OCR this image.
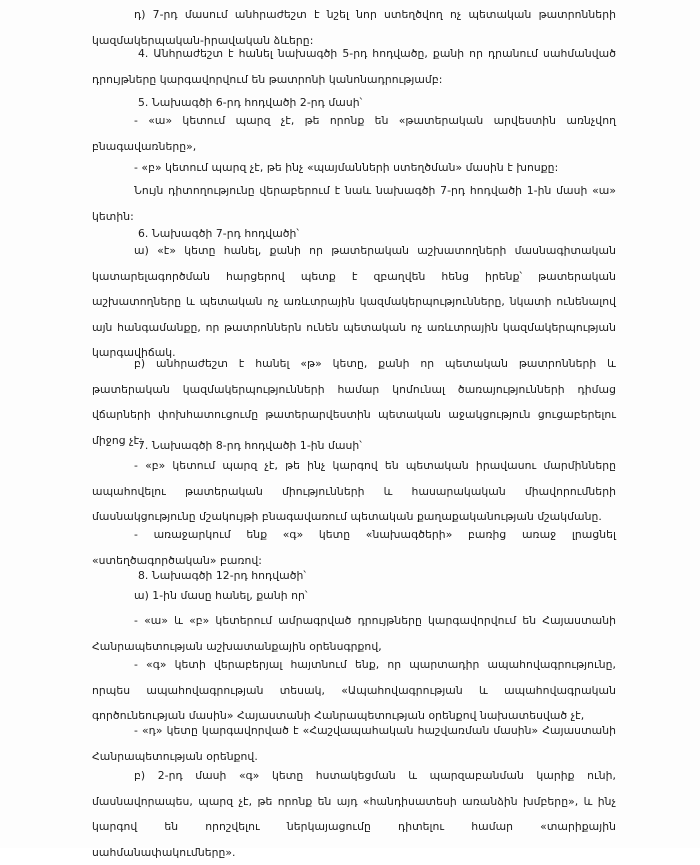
դ) 7-րդ մասում անհրաժեշտ է նշել նոր ստեղծվող ոչ պետական թատրոնների կազմակերպական-իրավական ձևերը:

4. Անհրաժեշտ է հանել նախագծի 5-րդ հոդվածը, քանի որ դրանում սահմանված դրույթները կարգավորվում են թատրոնի կանոնադրությամբ:

5. Նախագծի 6-րդ հոդվածի 2-րդ մասի՝

- «ա» կետում պարզ չէ, թե որոնք են «թատերական արվեստին առնչվող բնագավառները»,

- «բ» կետում պարզ չէ, թե ինչ «պայմանների ստեղծման» մասին է խոսքը:

Նույն դիտողությունը վերաբերում է նաև նախագծի 7-րդ հոդվածի 1-ին մասի «ա» կետին:

6. Նախագծի 7-րդ հոդվածի՝

ա) «է» կետը հանել, քանի որ թատերական աշխատողների մասնագիտական կատարելագործման հարցերով պետք է զբաղվեն հենց իրենք՝ թատերական աշխատողները և պետական ոչ առևտրային կազմակերպությունները, նկատի ունենալով այն հանգամանքը, որ թատրոններն ունեն պետական ոչ առևտրային կազմակերպության կարգավիճակ.

բ) անհրաժեշտ է հանել «թ» կետը, քանի որ պետական թատրոնների և թատերական կազմակերպությունների համար կոմունալ ծառայությունների դիմաց վճարների փոխհատուցումը թատերարվեստին պետական աջակցություն ցուցաբերելու միջոց չէ:

7. Նախագծի 8-րդ հոդվածի 1-ին մասի՝

- «բ» կետում պարզ չէ, թե ինչ կարգով են պետական իրավասու մարմինները ապահովելու թատերական միությունների և հասարակական միավորումների մասնակցությունը մշակույթի բնագավառում պետական քաղաքականության մշակմանը.

- առաջարկում ենք «գ» կետը «նախագծերի» բառից առաջ լրացնել «ստեղծագործական» բառով:

8. Նախագծի 12-րդ հոդվածի՝

ա) 1-ին մասը հանել, քանի որ՝

- «ա» և «բ» կետերում ամրագրված դրույթները կարգավորվում են Հայաստանի Հանրապետության աշխատանքային օրենսգրքով,

- «գ» կետի վերաբերյալ հայտնում ենք, որ պարտադիր ապահովագրությունը, որպես ապահովագրության տեսակ, «Ապահովագրության և ապահովագրական գործունեության մասին» Հայաստանի Հանրապետության օրենքով նախատեսված չէ,

- «դ» կետը կարգավորված է «Հաշվապահական հաշվառման մասին» Հայաստանի Հանրապետության օրենքով.

բ) 2-րդ մասի «գ» կետը հստակեցման և պարզաբանման կարիք ունի, մասնավորապես, պարզ չէ, թե որոնք են այդ «հանդիսատեսի առանձին խմբերը», և ինչ կարգով են որոշվելու ներկայացումը դիտելու համար «տարիքային սահմանափակումները».
